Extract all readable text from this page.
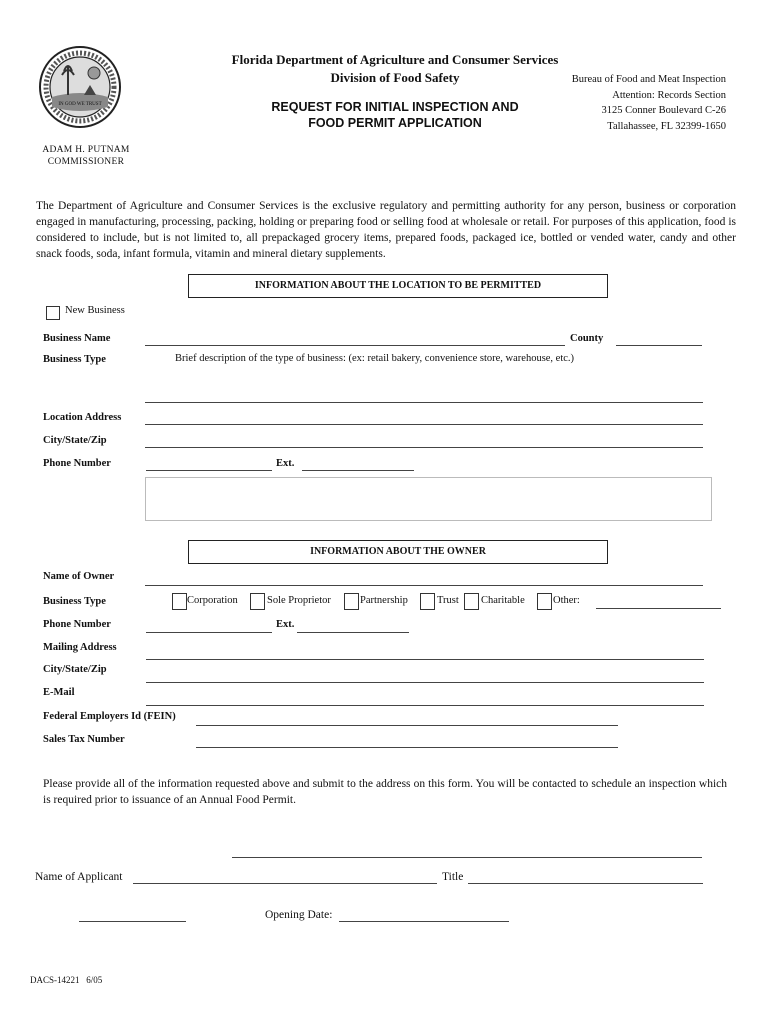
IN GOD WE TRUST
Florida Department of Agriculture and Consumer Services
Division of Food Safety
REQUEST FOR INITIAL INSPECTION AND
FOOD PERMIT APPLICATION
Bureau of Food and Meat Inspection
Attention: Records Section
3125 Conner Boulevard C-26
Tallahassee, FL 32399-1650
ADAM H. PUTNAM
COMMISSIONER
The Department of Agriculture and Consumer Services is the exclusive regulatory and permitting authority for any person, business or corporation engaged in manufacturing, processing, packing, holding or preparing food or selling food at wholesale or retail. For purposes of this application, food is considered to include, but is not limited to, all prepackaged grocery items, prepared foods, packaged ice, bottled or vended water, candy and other snack foods, soda, infant formula, vitamin and mineral dietary supplements.
INFORMATION ABOUT THE LOCATION TO BE PERMITTED
New Business
Business Name	County
Business Type	Brief description of the type of business: (ex: retail bakery, convenience store, warehouse, etc.)
Location Address
City/State/Zip
Phone Number	Ext.
INFORMATION ABOUT THE OWNER
Name of Owner
Business Type	Corporation	Sole Proprietor	Partnership	Trust Charitable	Other:
Phone Number	Ext.
Mailing Address
City/State/Zip
E-Mail
Federal Employers Id (FEIN)
Sales Tax Number
Please provide all of the information requested above and submit to the address on this form. You will be contacted to schedule an inspection which is required prior to issuance of an Annual Food Permit.
Name of Applicant	Title
Opening Date:
DACS-14221 6/05
